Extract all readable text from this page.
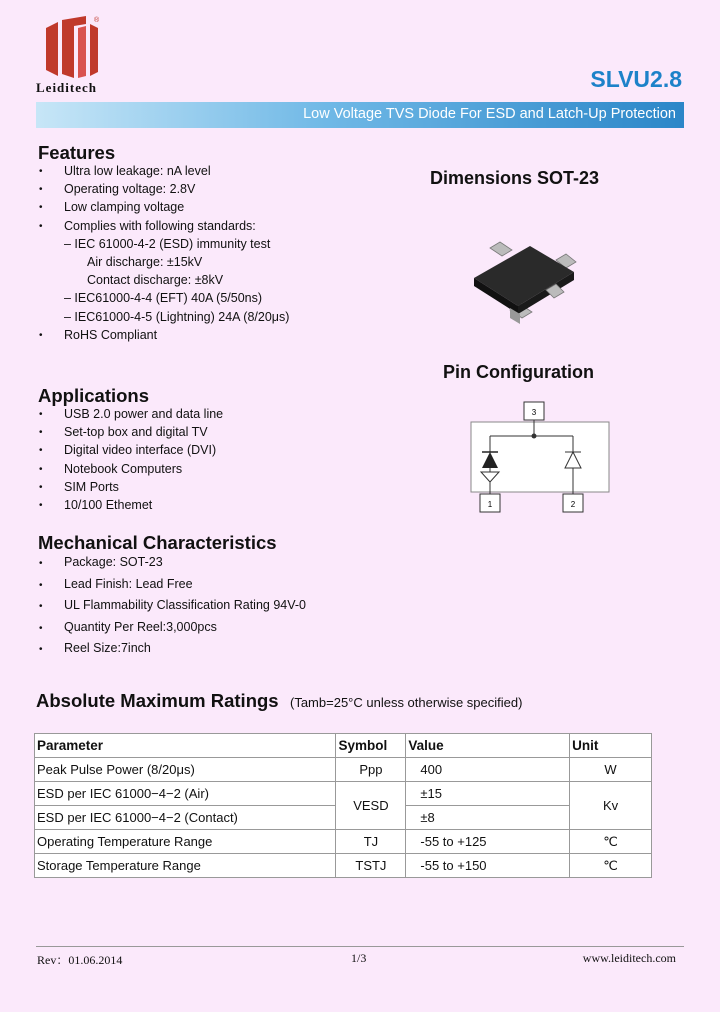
®
Leiditech	SLVU2.8
Low Voltage TVS Diode For ESD and Latch-Up Protection
Features
• Ultra low leakage: nA level
• Operating voltage: 2.8V
• Low clamping voltage
• Complies with following standards:
– IEC 61000-4-2 (ESD) immunity test
Air discharge: ±15kV
Contact discharge: ±8kV
– IEC61000-4-4 (EFT) 40A (5/50ns)
– IEC61000-4-5 (Lightning) 24A (8/20μs)
• RoHS Compliant
Dimensions SOT-23
Pin Configuration
3
1	2
Applications
• USB 2.0 power and data line
• Set-top box and digital TV
• Digital video interface (DVI)
• Notebook Computers
• SIM Ports
• 10/100 Ethemet
Mechanical Characteristics
• Package: SOT-23
• Lead Finish: Lead Free
• UL Flammability Classification Rating 94V-0
• Quantity Per Reel:3,000pcs
• Reel Size:7inch
Absolute Maximum Ratings (Tamb=25°C unless otherwise specified)
Parameter	Symbol	Value	Unit
Peak Pulse Power (8/20μs)	Ppp	400	W
ESD per IEC 61000−4−2 (Air)	VESD	±15	Kv
ESD per IEC 61000−4−2 (Contact)		±8	
Operating Temperature Range	TJ	-55 to +125	℃
Storage Temperature Range	TSTJ	-55 to +150	℃
Rev：01.06.2014	1/3	www.leiditech.com
